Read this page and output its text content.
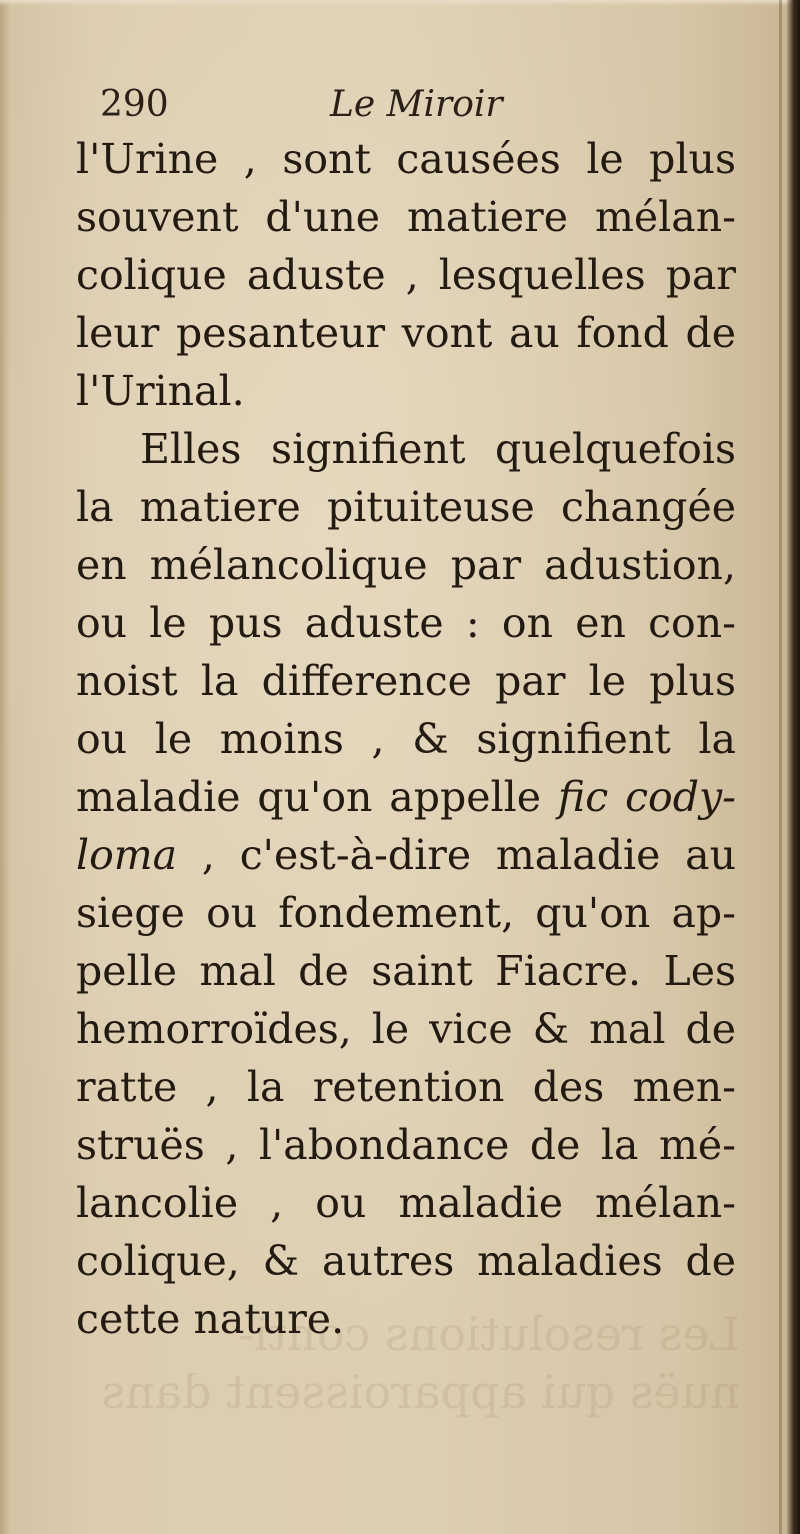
Les resolutions conti-
nuës qui apparoissent dans
290	Le Miroir
l'Urine , sont causées le plus
souvent d'une matiere mélan-
colique aduste , lesquelles par
leur pesanteur vont au fond de
l'Urinal.
Elles signifient quelquefois
la matiere pituiteuse changée
en mélancolique par adustion,
ou le pus aduste : on en con-
noist la difference par le plus
ou le moins , & signifient la
maladie qu'on appelle fic cody-
loma , c'est-à-dire maladie au
siege ou fondement, qu'on ap-
pelle mal de saint Fiacre. Les
hemorroïdes, le vice & mal de
ratte , la retention des men-
struës , l'abondance de la mé-
lancolie , ou maladie mélan-
colique, & autres maladies de
cette nature.
